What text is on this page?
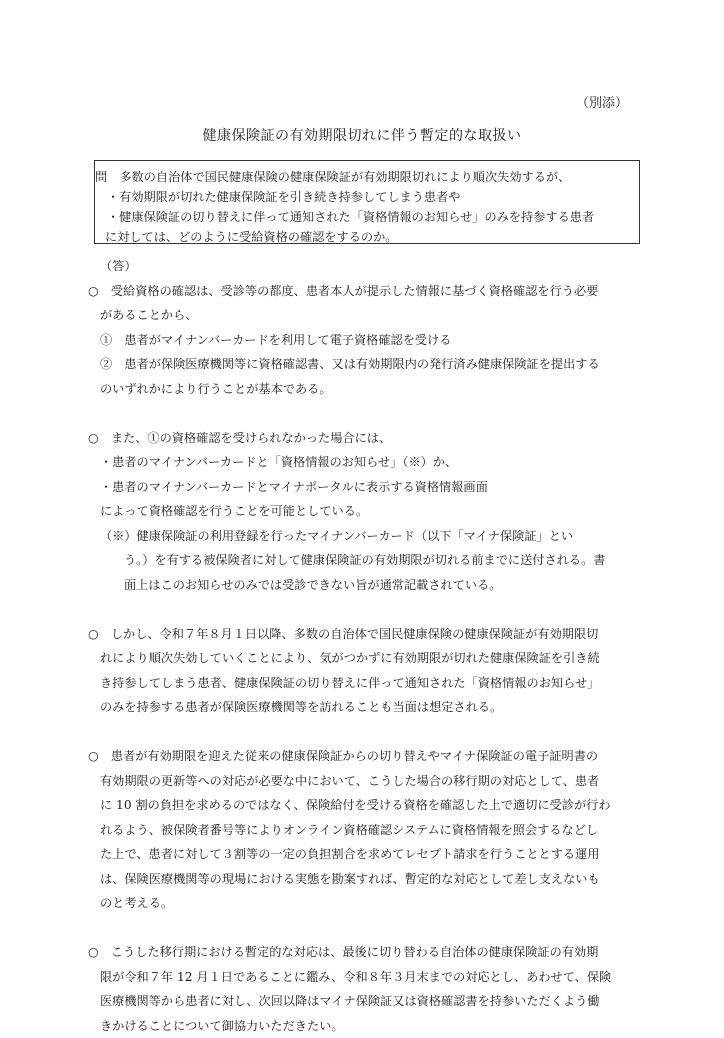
（別添）
健康保険証の有効期限切れに伴う暫定的な取扱い
問　多数の自治体で国民健康保険の健康保険証が有効期限切れにより順次失効するが、
・有効期限が切れた健康保険証を引き続き持参してしまう患者や
・健康保険証の切り替えに伴って通知された「資格情報のお知らせ」のみを持参する患者
に対しては、どのように受給資格の確認をするのか。
（答）
○　受給資格の確認は、受診等の都度、患者本人が提示した情報に基づく資格確認を行う必要
があることから、
①　患者がマイナンバーカードを利用して電子資格確認を受ける
②　患者が保険医療機関等に資格確認書、又は有効期限内の発行済み健康保険証を提出する
のいずれかにより行うことが基本である。
○　また、①の資格確認を受けられなかった場合には、
・患者のマイナンバーカードと「資格情報のお知らせ」（※）か、
・患者のマイナンバーカードとマイナポータルに表示する資格情報画面
によって資格確認を行うことを可能としている。
（※）健康保険証の利用登録を行ったマイナンバーカード（以下「マイナ保険証」とい
う。）を有する被保険者に対して健康保険証の有効期限が切れる前までに送付される。書
面上はこのお知らせのみでは受診できない旨が通常記載されている。
○　しかし、令和７年８月１日以降、多数の自治体で国民健康保険の健康保険証が有効期限切
れにより順次失効していくことにより、気がつかずに有効期限が切れた健康保険証を引き続
き持参してしまう患者、健康保険証の切り替えに伴って通知された「資格情報のお知らせ」
のみを持参する患者が保険医療機関等を訪れることも当面は想定される。
○　患者が有効期限を迎えた従来の健康保険証からの切り替えやマイナ保険証の電子証明書の
有効期限の更新等への対応が必要な中において、こうした場合の移行期の対応として、患者
に 10 割の負担を求めるのではなく、保険給付を受ける資格を確認した上で適切に受診が行わ
れるよう、被保険者番号等によりオンライン資格確認システムに資格情報を照会するなどし
た上で、患者に対して３割等の一定の負担割合を求めてレセプト請求を行うこととする運用
は、保険医療機関等の現場における実態を勘案すれば、暫定的な対応として差し支えないも
のと考える。
○　こうした移行期における暫定的な対応は、最後に切り替わる自治体の健康保険証の有効期
限が令和７年 12 月１日であることに鑑み、令和８年３月末までの対応とし、あわせて、保険
医療機関等から患者に対し、次回以降はマイナ保険証又は資格確認書を持参いただくよう働
きかけることについて御協力いただきたい。
